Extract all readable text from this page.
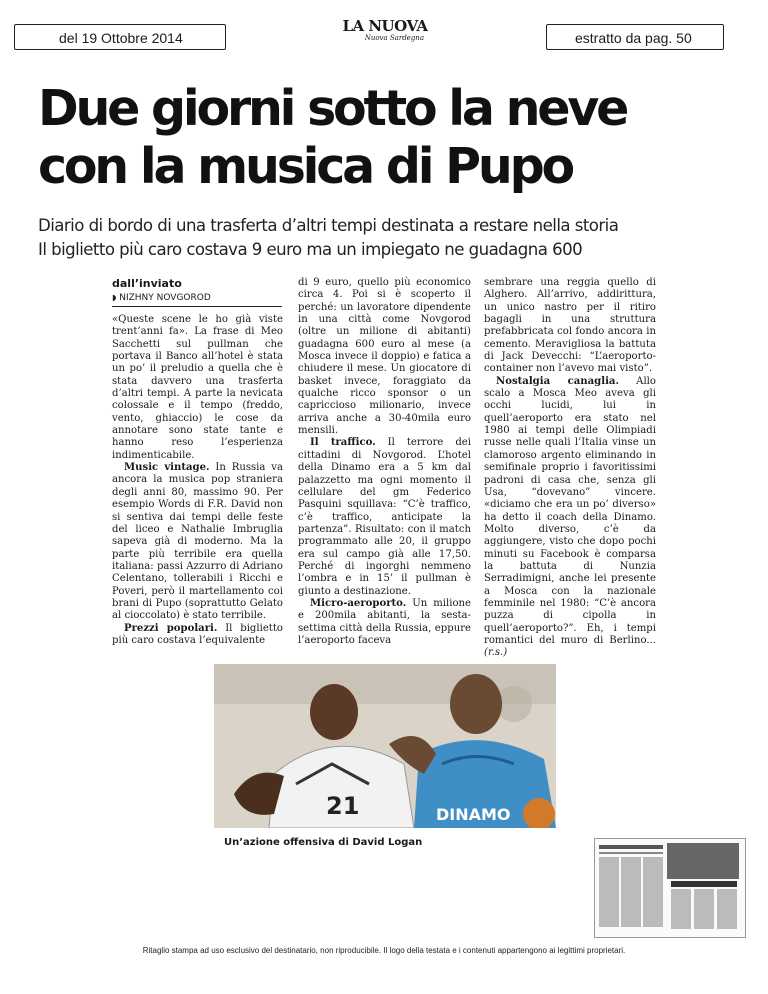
del 19 Ottobre 2014
LA NUOVA
Nuova Sardegna	estratto da pag. 50
Due giorni sotto la neve
con la musica di Pupo
Diario di bordo di una trasferta d’altri tempi destinata a restare nella storia
Il biglietto più caro costava 9 euro ma un impiegato ne guadagna 600
dall’inviato
◗ NIZHNY NOVGOROD

«Queste scene le ho già viste trent’anni fa». La frase di Meo Sacchetti sul pullman che portava il Banco all’hotel è stata un po’ il preludio a quella che è stata davvero una trasferta d’altri tempi. A parte la nevicata colossale e il tempo (freddo, vento, ghiaccio) le cose da annotare sono state tante e hanno reso l’esperienza indimenticabile.

Music vintage. In Russia va ancora la musica pop straniera degli anni 80, massimo 90. Per esempio Words di F.R. David non si sentiva dai tempi delle feste del liceo e Nathalie Imbruglia sapeva già di moderno. Ma la parte più terribile era quella italiana: passi Azzurro di Adriano Celentano, tollerabili i Ricchi e Poveri, però il martellamento coi brani di Pupo (soprattutto Gelato al cioccolato) è stato terribile.

Prezzi popolari. Il biglietto più caro costava l’equivalente

di 9 euro, quello più economico circa 4. Poi si è scoperto il perché: un lavoratore dipendente in una città come Novgorod (oltre un milione di abitanti) guadagna 600 euro al mese (a Mosca invece il doppio) e fatica a chiudere il mese. Un giocatore di basket invece, foraggiato da qualche ricco sponsor o un capriccioso milionario, invece arriva anche a 30-40mila euro mensili.

Il traffico. Il terrore dei cittadini di Novgorod. L’hotel della Dinamo era a 5 km dal palazzetto ma ogni momento il cellulare del gm Federico Pasquini squillava: “C’è traffico, c’è traffico, anticipate la partenza”. Risultato: con il match programmato alle 20, il gruppo era sul campo già alle 17,50. Perché di ingorghi nemmeno l’ombra e in 15’ il pullman è giunto a destinazione.

Micro-aeroporto. Un milione e 200mila abitanti, la sesta-settima città della Russia, eppure l’aeroporto faceva

sembrare una reggia quello di Alghero. All’arrivo, addirittura, un unico nastro per il ritiro bagagli in una struttura prefabbricata col fondo ancora in cemento. Meravigliosa la battuta di Jack Devecchi: “L’aeroporto-container non l’avevo mai visto”.

Nostalgia canaglia. Allo scalo a Mosca Meo aveva gli occhi lucidi, lui in quell’aeroporto era stato nel 1980 ai tempi delle Olimpiadi russe nelle quali l’Italia vinse un clamoroso argento eliminando in semifinale proprio i favoritissimi padroni di casa che, senza gli Usa, “dovevano” vincere. «diciamo che era un po’ diverso» ha detto il coach della Dinamo. Molto diverso, c’è da aggiungere, visto che dopo pochi minuti su Facebook è comparsa la battuta di Nunzia Serradimigni, anche lei presente a Mosca con la nazionale femminile nel 1980: “C’è ancora puzza di cipolla in quell’aeroporto?”. Eh, i tempi romantici del muro di Berlino...(r.s.)

21	DINAMO
Un’azione offensiva di David Logan
Ritaglio stampa ad uso esclusivo del destinatario, non riproducibile. Il logo della testata e i contenuti appartengono ai legittimi proprietari.
